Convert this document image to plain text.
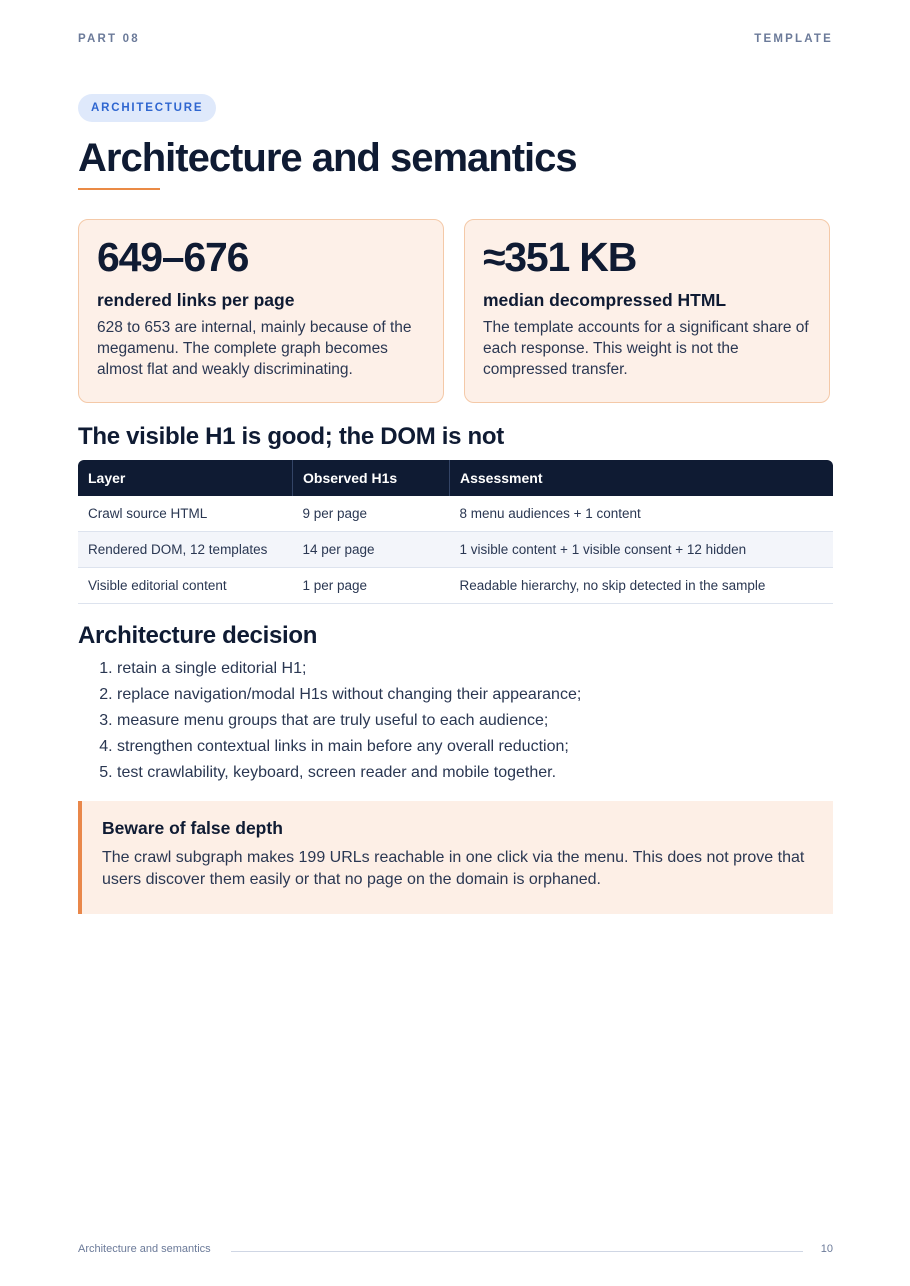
PART 08	TEMPLATE
ARCHITECTURE
Architecture and semantics

649–676

rendered links per page

628 to 653 are internal, mainly because of the megamenu. The complete graph becomes almost flat and weakly discriminating.

≈351 KB

median decompressed HTML

The template accounts for a significant share of each response. This weight is not the compressed transfer.

The visible H1 is good; the DOM is not
Layer	Observed H1s	Assessment
Crawl source HTML	9 per page	8 menu audiences + 1 content
Rendered DOM, 12 templates	14 per page	1 visible content + 1 visible consent + 12 hidden
Visible editorial content	1 per page	Readable hierarchy, no skip detected in the sample
Architecture decision
1. retain a single editorial H1;
2. replace navigation/modal H1s without changing their appearance;
3. measure menu groups that are truly useful to each audience;
4. strengthen contextual links in main before any overall reduction;
5. test crawlability, keyboard, screen reader and mobile together.

Beware of false depth

The crawl subgraph makes 199 URLs reachable in one click via the menu. This does not prove that users discover them easily or that no page on the domain is orphaned.

Architecture and semantics	10
